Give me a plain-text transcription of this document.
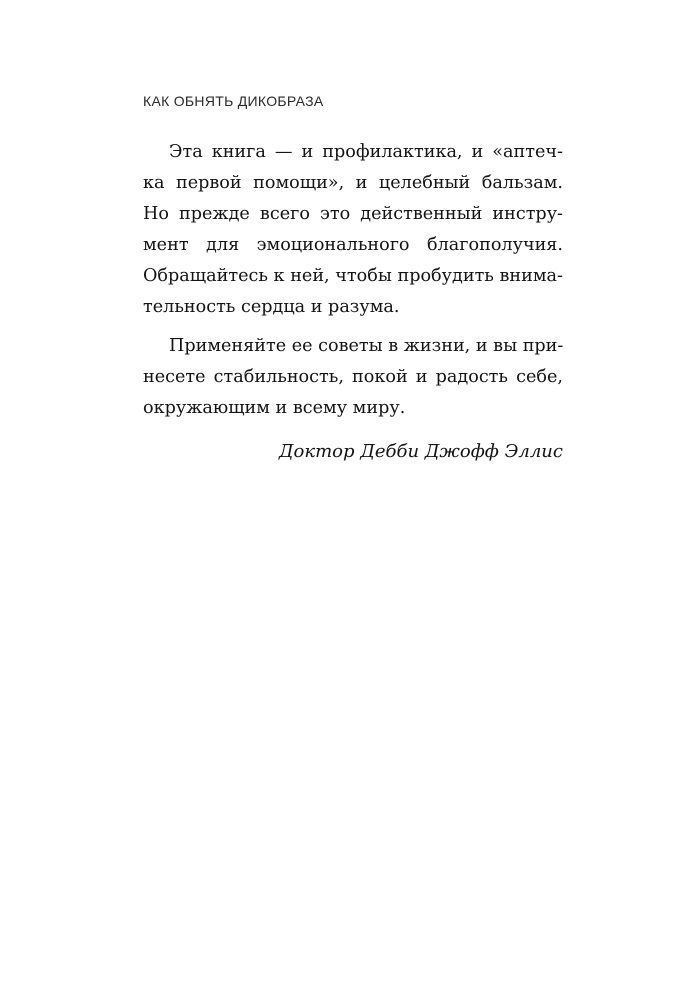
КАК ОБНЯТЬ ДИКОБРАЗА
Эта книга — и профилактика, и «аптеч-
ка первой помощи», и целебный бальзам.
Но прежде всего это действенный инстру-
мент для эмоционального благополучия.
Обращайтесь к ней, чтобы пробудить внима-
тельность сердца и разума.
Применяйте ее советы в жизни, и вы при-
несете стабильность, покой и радость себе,
окружающим и всему миру.
Доктор Дебби Джофф Эллис
